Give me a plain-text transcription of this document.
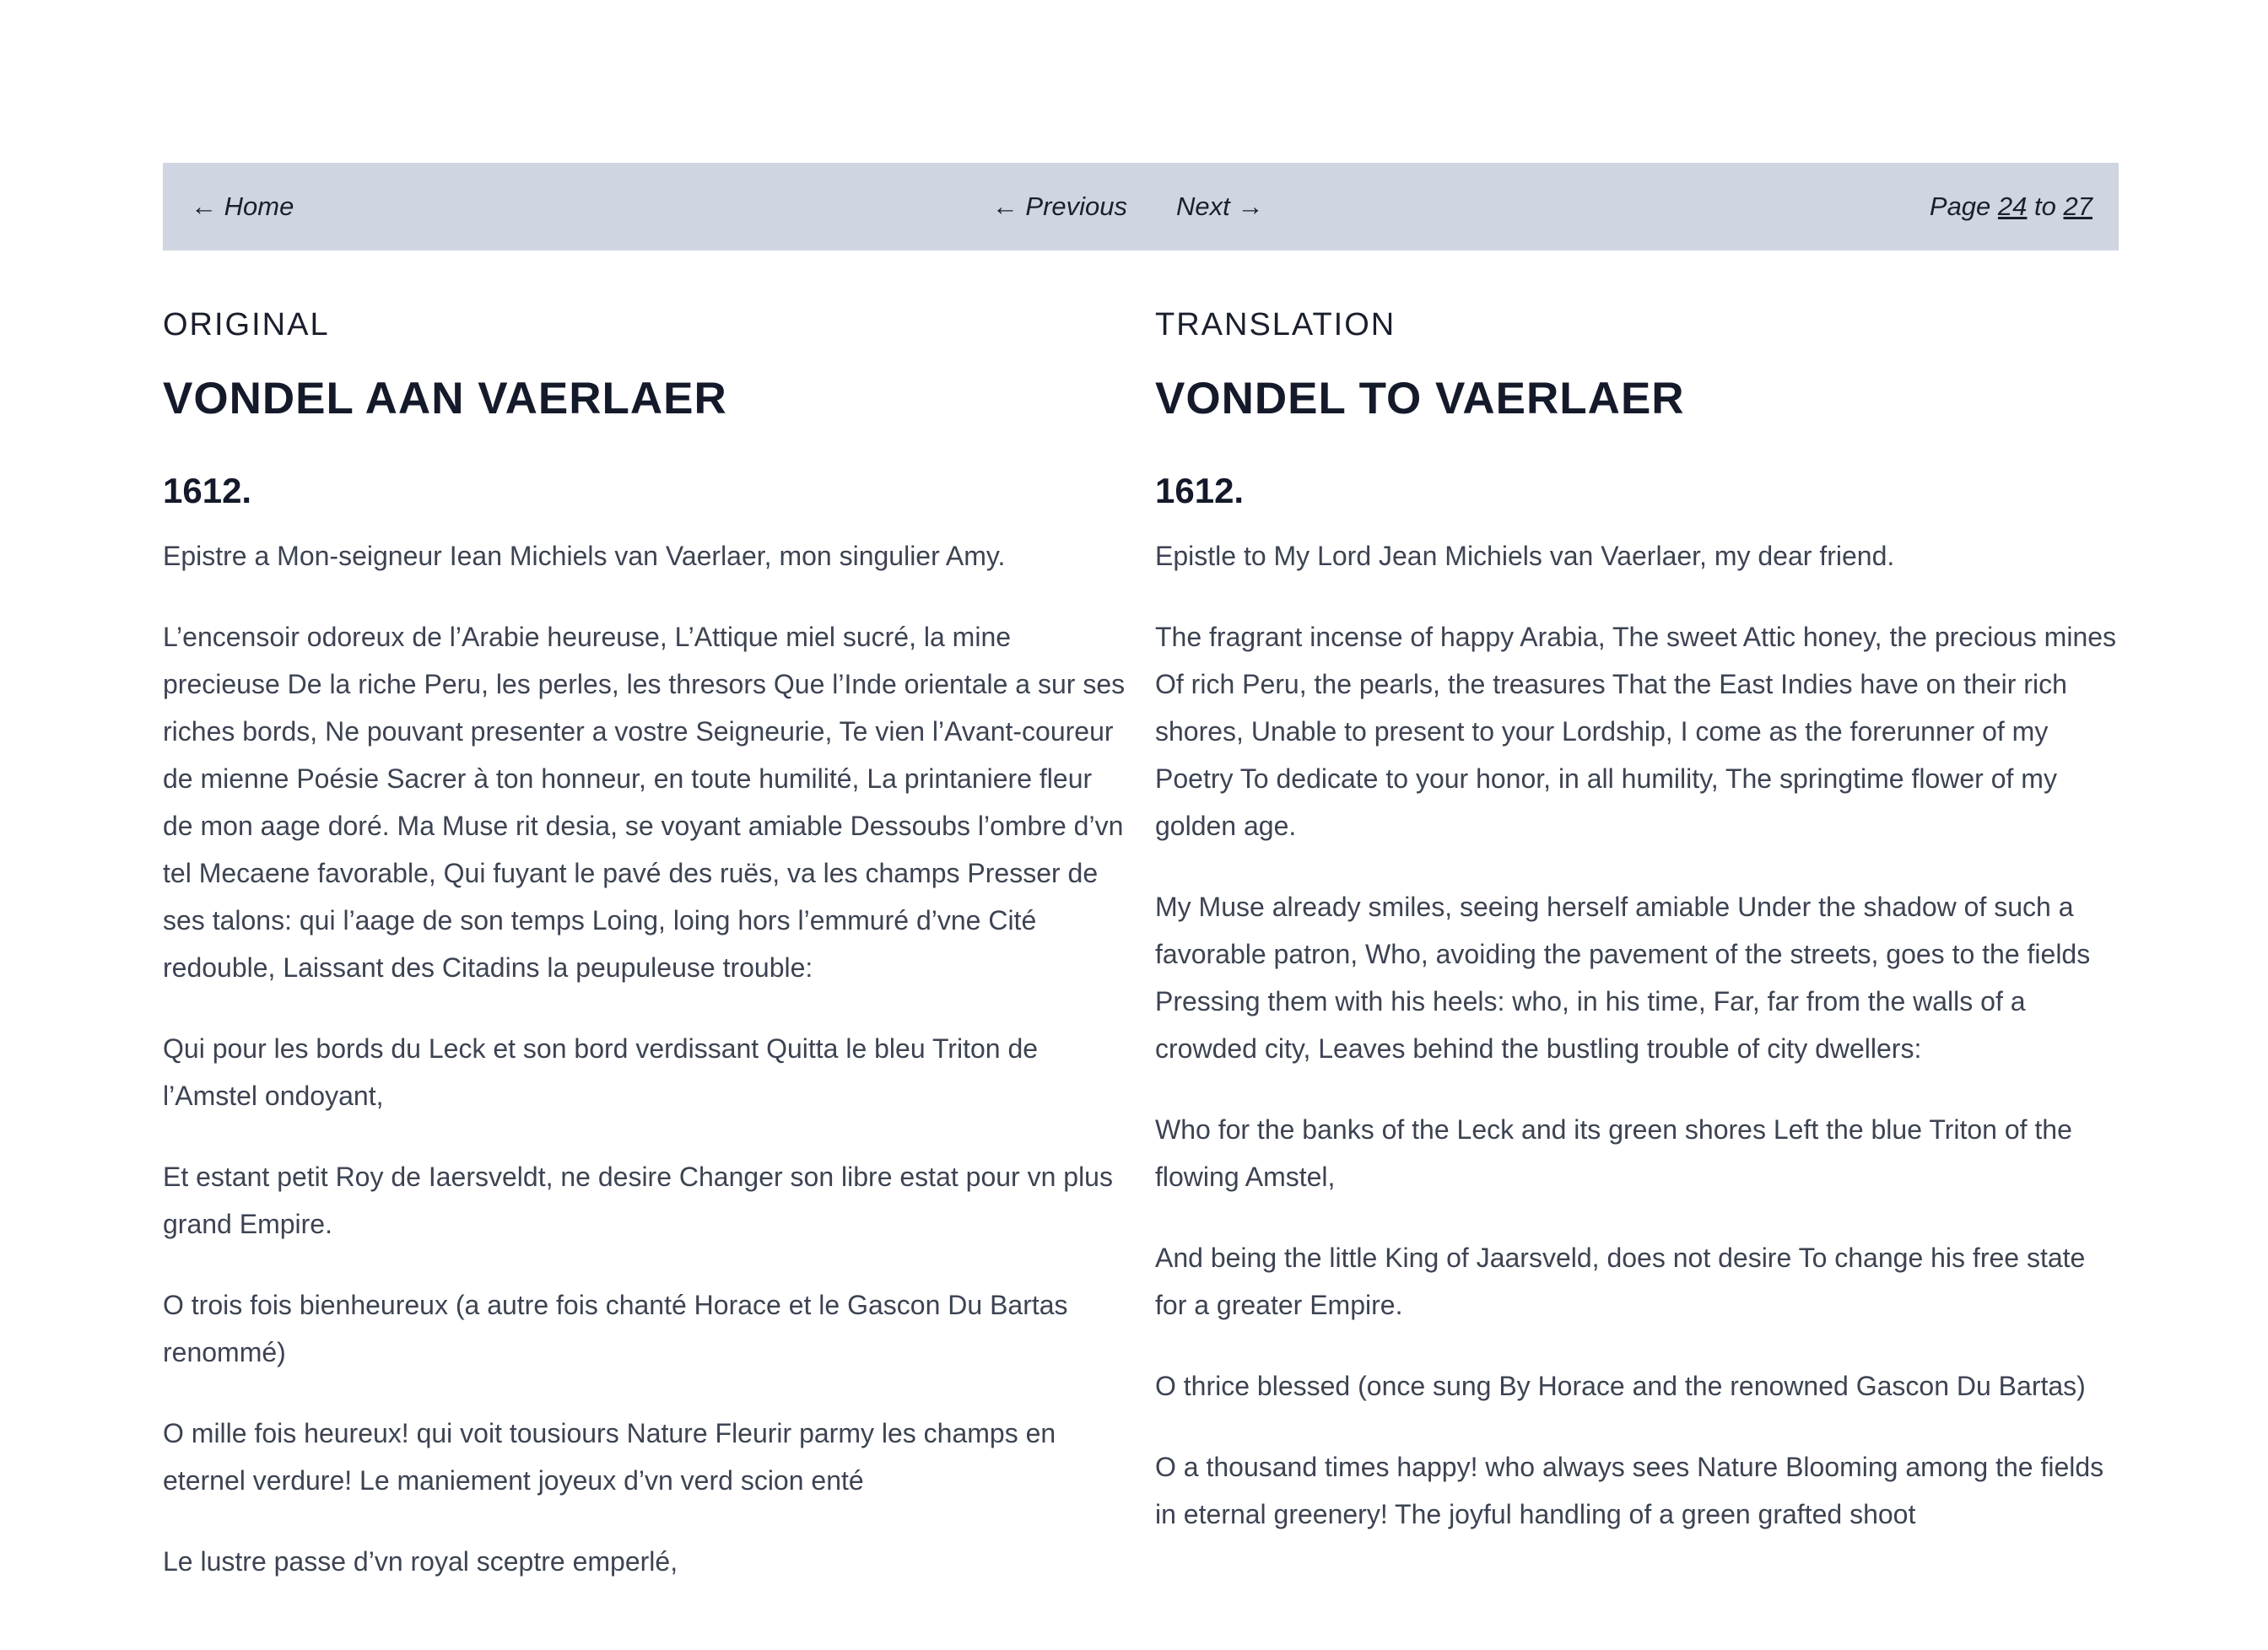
← Home	← Previous Next →	Page 24 to 27
ORIGINAL
VONDEL AAN VAERLAER
1612.

Epistre a Mon-seigneur Iean Michiels van Vaerlaer, mon singulier Amy.

L’encensoir odoreux de l’Arabie heureuse, L’Attique miel sucré, la mine precieuse De la riche Peru, les perles, les thresors Que l’Inde orientale a sur ses riches bords, Ne pouvant presenter a vostre Seigneurie, Te vien l’Avant-coureur de mienne Poésie Sacrer à ton honneur, en toute humilité, La printaniere fleur de mon aage doré. Ma Muse rit desia, se voyant amiable Dessoubs l’ombre d’vn tel Mecaene favorable, Qui fuyant le pavé des ruës, va les champs Presser de ses talons: qui l’aage de son temps Loing, loing hors l’emmuré d’vne Cité redouble, Laissant des Citadins la peupuleuse trouble:

Qui pour les bords du Leck et son bord verdissant Quitta le bleu Triton de l’Amstel ondoyant,

Et estant petit Roy de Iaersveldt, ne desire Changer son libre estat pour vn plus grand Empire.

O trois fois bienheureux (a autre fois chanté Horace et le Gascon Du Bartas renommé)

O mille fois heureux! qui voit tousiours Nature Fleurir parmy les champs en eternel verdure! Le maniement joyeux d’vn verd scion enté

Le lustre passe d’vn royal sceptre emperlé,

TRANSLATION
VONDEL TO VAERLAER
1612.

Epistle to My Lord Jean Michiels van Vaerlaer, my dear friend.

The fragrant incense of happy Arabia, The sweet Attic honey, the precious mines Of rich Peru, the pearls, the treasures That the East Indies have on their rich shores, Unable to present to your Lordship, I come as the forerunner of my Poetry To dedicate to your honor, in all humility, The springtime flower of my golden age.

My Muse already smiles, seeing herself amiable Under the shadow of such a favorable patron, Who, avoiding the pavement of the streets, goes to the fields Pressing them with his heels: who, in his time, Far, far from the walls of a crowded city, Leaves behind the bustling trouble of city dwellers:

Who for the banks of the Leck and its green shores Left the blue Triton of the flowing Amstel,

And being the little King of Jaarsveld, does not desire To change his free state for a greater Empire.

O thrice blessed (once sung By Horace and the renowned Gascon Du Bartas)

O a thousand times happy! who always sees Nature Blooming among the fields in eternal greenery! The joyful handling of a green grafted shoot
